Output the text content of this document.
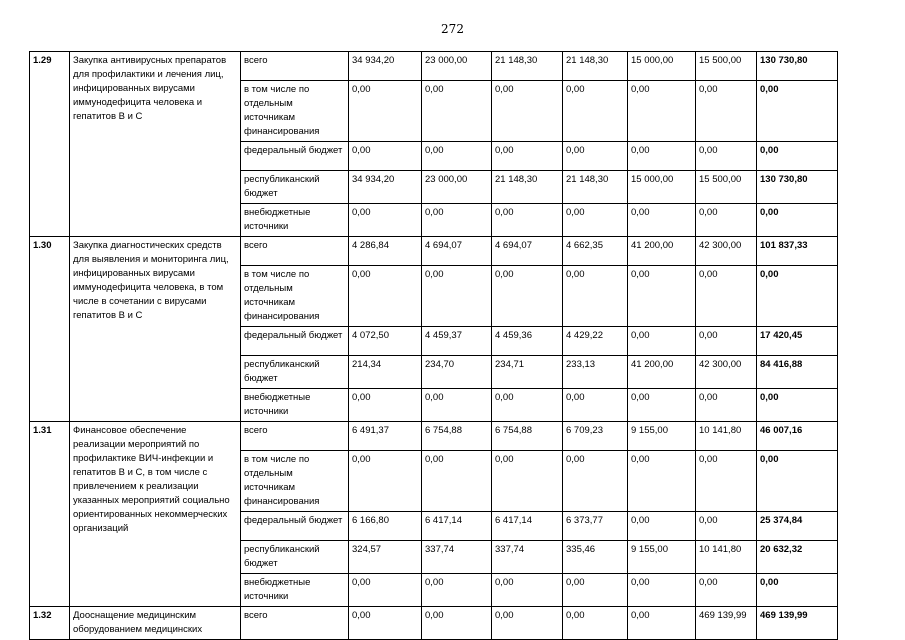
272
1.29	Закупка антивирусных препаратов для профилактики и лечения лиц, инфицированных вирусами иммунодефицита человека и гепатитов В и С	всего	34 934,20	23 000,00	21 148,30	21 148,30	15 000,00	15 500,00	130 730,80
		в том числе по отдельным источникам финансирования	0,00	0,00	0,00	0,00	0,00	0,00	0,00
		федеральный бюджет	0,00	0,00	0,00	0,00	0,00	0,00	0,00
		республиканский бюджет	34 934,20	23 000,00	21 148,30	21 148,30	15 000,00	15 500,00	130 730,80
		внебюджетные источники	0,00	0,00	0,00	0,00	0,00	0,00	0,00
1.30	Закупка диагностических средств для выявления и мониторинга лиц, инфицированных вирусами иммунодефицита человека, в том числе в сочетании с вирусами гепатитов В и С	всего	4 286,84	4 694,07	4 694,07	4 662,35	41 200,00	42 300,00	101 837,33
		в том числе по отдельным источникам финансирования	0,00	0,00	0,00	0,00	0,00	0,00	0,00
		федеральный бюджет	4 072,50	4 459,37	4 459,36	4 429,22	0,00	0,00	17 420,45
		республиканский бюджет	214,34	234,70	234,71	233,13	41 200,00	42 300,00	84 416,88
		внебюджетные источники	0,00	0,00	0,00	0,00	0,00	0,00	0,00
1.31	Финансовое обеспечение реализации мероприятий по профилактике ВИЧ-инфекции и гепатитов В и С, в том числе с привлечением к реализации указанных мероприятий социально ориентированных некоммерческих организаций	всего	6 491,37	6 754,88	6 754,88	6 709,23	9 155,00	10 141,80	46 007,16
		в том числе по отдельным источникам финансирования	0,00	0,00	0,00	0,00	0,00	0,00	0,00
		федеральный бюджет	6 166,80	6 417,14	6 417,14	6 373,77	0,00	0,00	25 374,84
		республиканский бюджет	324,57	337,74	337,74	335,46	9 155,00	10 141,80	20 632,32
		внебюджетные источники	0,00	0,00	0,00	0,00	0,00	0,00	0,00
1.32	Дооснащение медицинским оборудованием медицинских	всего	0,00	0,00	0,00	0,00	0,00	469 139,99	469 139,99
